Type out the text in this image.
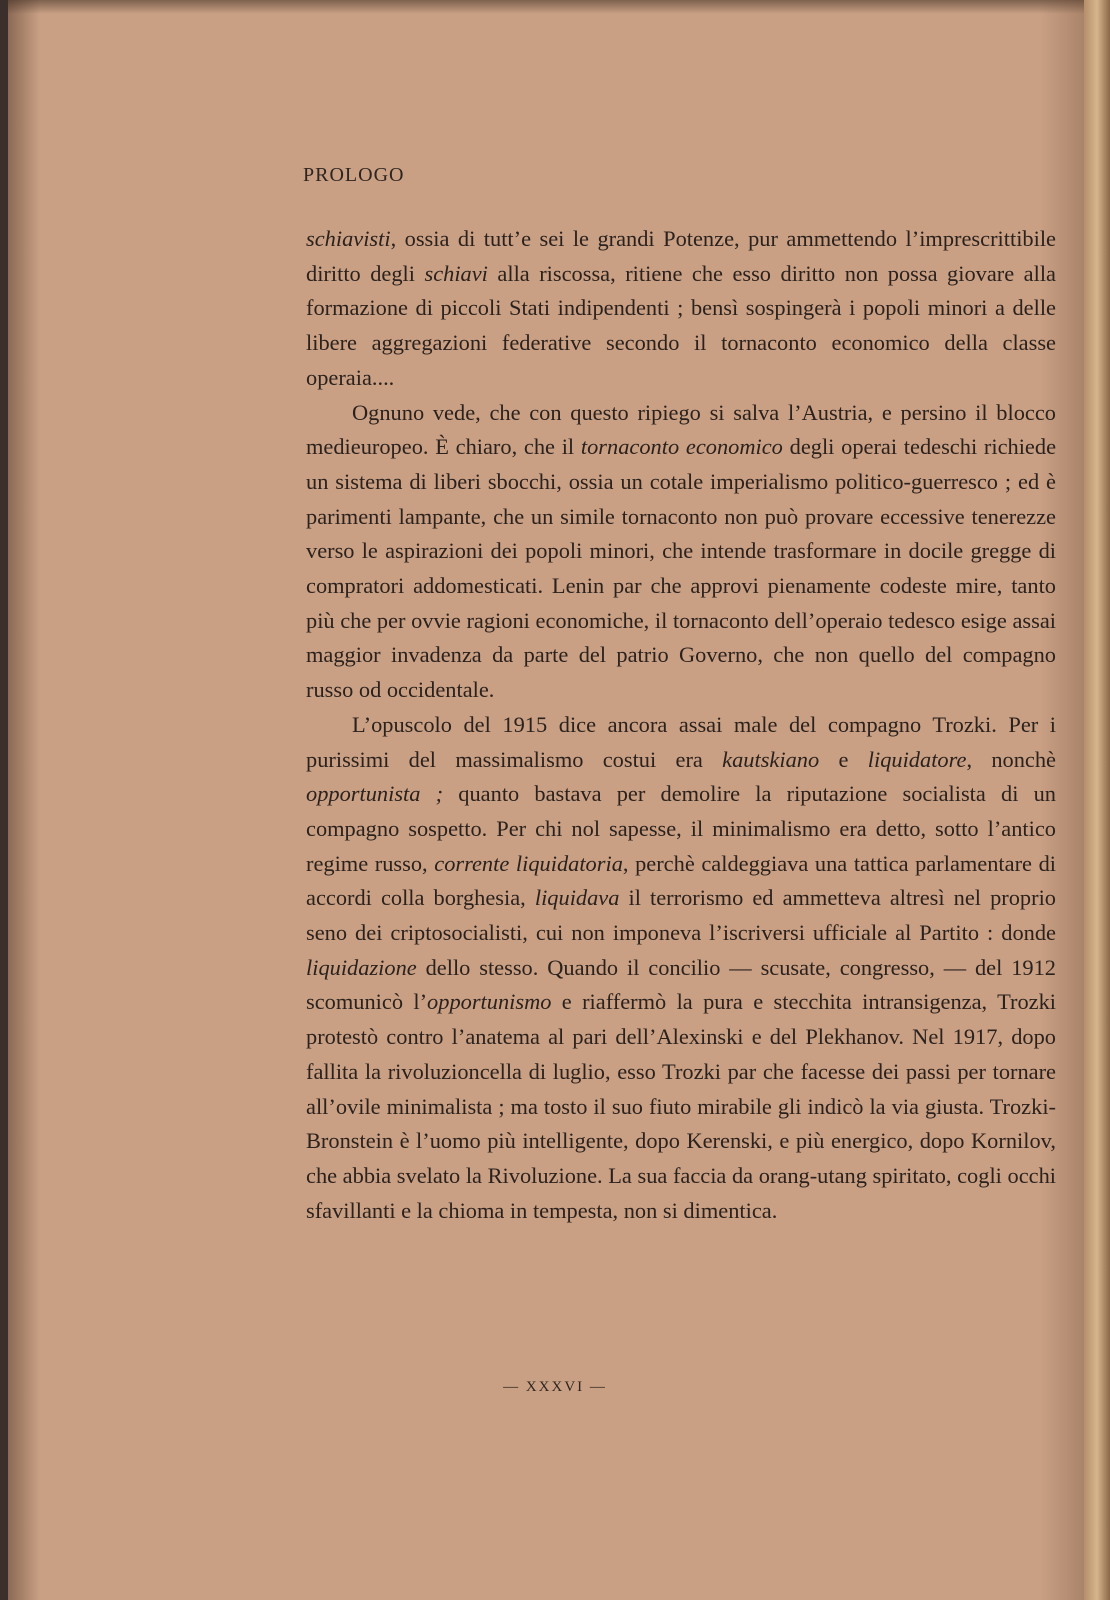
PROLOGO

schiavisti, ossia di tutt’e sei le grandi Potenze, pur ammettendo l’imprescrittibile diritto degli schiavi alla riscossa, ritiene che esso diritto non possa giovare alla formazione di piccoli Stati indipendenti ; bensì sospingerà i popoli minori a delle libere aggregazioni federative secondo il tornaconto economico della classe operaia....

Ognuno vede, che con questo ripiego si salva l’Austria, e persino il blocco medieuropeo. È chiaro, che il tornaconto economico degli operai tedeschi richiede un sistema di liberi sbocchi, ossia un cotale imperialismo politico-guerresco ; ed è parimenti lampante, che un simile tornaconto non può provare eccessive tenerezze verso le aspirazioni dei popoli minori, che intende trasformare in docile gregge di compratori addomesticati. Lenin par che approvi pienamente codeste mire, tanto più che per ovvie ragioni economiche, il tornaconto dell’operaio tedesco esige assai maggior invadenza da parte del patrio Governo, che non quello del compagno russo od occidentale.

L’opuscolo del 1915 dice ancora assai male del compagno Trozki. Per i purissimi del massimalismo costui era kautskiano e liquidatore, nonchè opportunista ; quanto bastava per demolire la riputazione socialista di un compagno sospetto. Per chi nol sapesse, il minimalismo era detto, sotto l’antico regime russo, corrente liquidatoria, perchè caldeggiava una tattica parlamentare di accordi colla borghesia, liquidava il terrorismo ed ammetteva altresì nel proprio seno dei criptosocialisti, cui non imponeva l’iscriversi ufficiale al Partito : donde liquidazione dello stesso. Quando il concilio — scusate, congresso, — del 1912 scomunicò l’opportunismo e riaffermò la pura e stecchita intransigenza, Trozki protestò contro l’anatema al pari dell’Alexinski e del Plekhanov. Nel 1917, dopo fallita la rivoluzioncella di luglio, esso Trozki par che facesse dei passi per tornare all’ovile minimalista ; ma tosto il suo fiuto mirabile gli indicò la via giusta. Trozki-Bronstein è l’uomo più intelligente, dopo Kerenski, e più energico, dopo Kornilov, che abbia svelato la Rivoluzione. La sua faccia da orang-utang spiritato, cogli occhi sfavillanti e la chioma in tempesta, non si dimentica.

— XXXVI —
